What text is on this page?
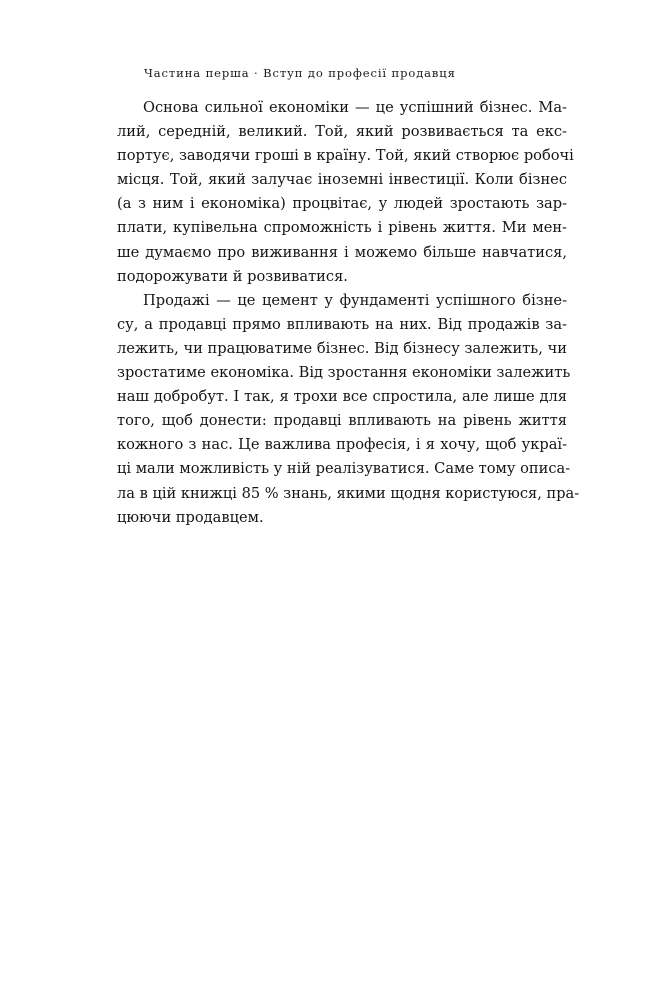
Частина перша · Вступ до професії продавця
Основа сильної економіки — це успішний бізнес. Ма-
лий, середній, великий. Той, який розвивається та екс-
портує, заводячи гроші в країну. Той, який створює робочі
місця. Той, який залучає іноземні інвестиції. Коли бізнес
(а з ним і економіка) процвітає, у людей зростають зар-
плати, купівельна спроможність і рівень життя. Ми мен-
ше думаємо про виживання і можемо більше навчатися,
подорожувати й розвиватися.
Продажі — це цемент у фундаменті успішного бізне-
су, а продавці прямо впливають на них. Від продажів за-
лежить, чи працюватиме бізнес. Від бізнесу залежить, чи
зростатиме економіка. Від зростання економіки залежить
наш добробут. І так, я трохи все спростила, але лише для
того, щоб донести: продавці впливають на рівень життя
кожного з нас. Це важлива професія, і я хочу, щоб украї-
ці мали можливість у ній реалізуватися. Саме тому описа-
ла в цій книжці 85 % знань, якими щодня користуюся, пра-
цюючи продавцем.
